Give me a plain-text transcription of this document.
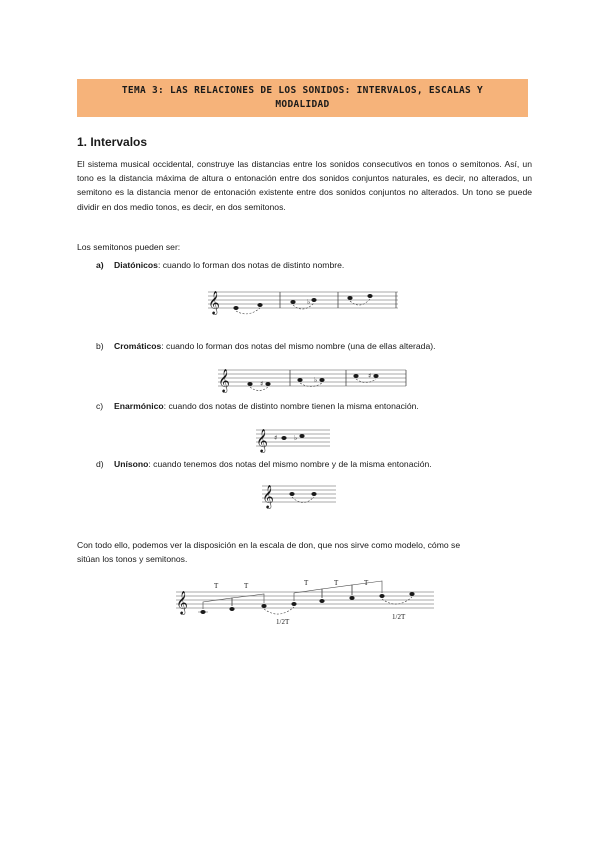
TEMA 3: LAS RELACIONES DE LOS SONIDOS: INTERVALOS, ESCALAS Y
MODALIDAD
1. Intervalos
El sistema musical occidental, construye las distancias entre los sonidos consecutivos en tonos o semitonos. Así, un tono es la distancia máxima de altura o entonación entre dos sonidos conjuntos naturales, es decir, no alterados, un semitono es la distancia menor de entonación existente entre dos sonidos conjuntos no alterados. Un tono se puede dividir en dos medio tonos, es decir, en dos semitonos.
Los semitonos pueden ser:
a) Diatónicos: cuando lo forman dos notas de distinto nombre.
𝄞	♭
b) Cromáticos: cuando lo forman dos notas del mismo nombre (una de ellas alterada).
𝄞	♯	♭	♯
c) Enarmónico: cuando dos notas de distinto nombre tienen la misma entonación.
𝄞 ♯ ♭
d) Unísono: cuando tenemos dos notas del mismo nombre y de la misma entonación.
𝄞
Con todo ello, podemos ver la disposición en la escala de don, que nos sirve como modelo, cómo se
sitúan los tonos y semitonos.
𝄞
T	T	T	T	T
1/2T
1/2T
